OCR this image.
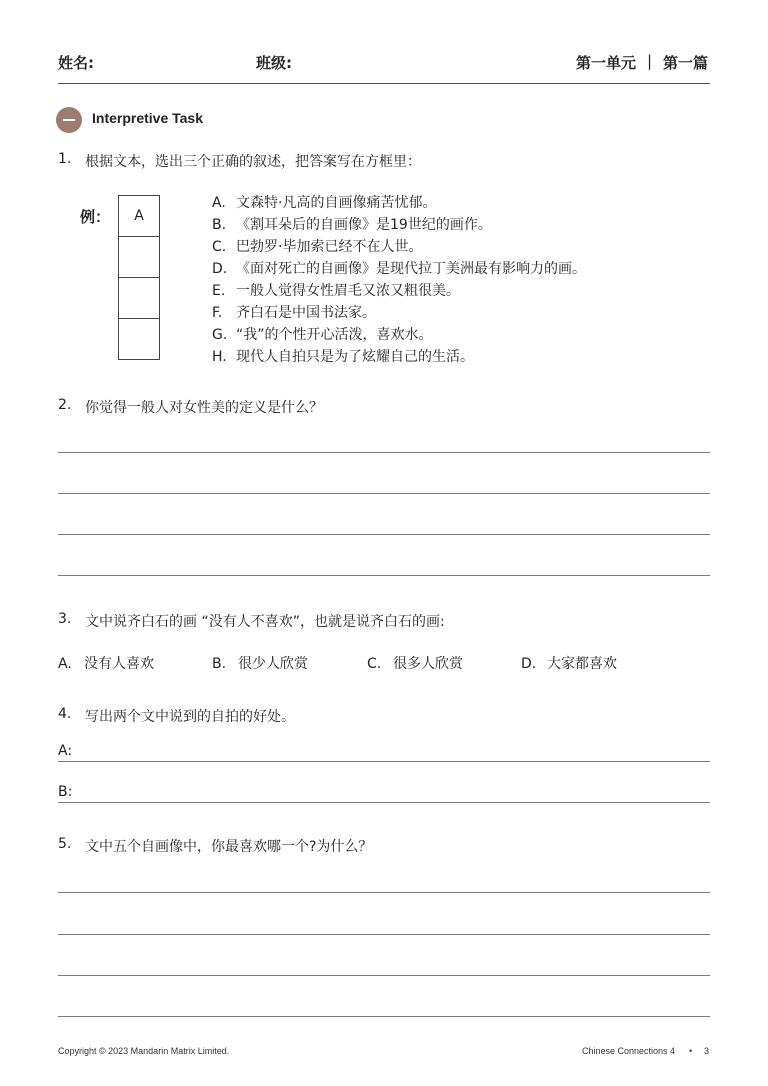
姓名:	班级:	第一单元 | 第一篇
Interpretive Task
1. 根据文本，选出三个正确的叙述，把答案写在方框里：
例：	A
A. 文森特·凡高的自画像痛苦忧郁。
B. 《割耳朵后的自画像》是19世纪的画作。
C. 巴勃罗·毕加索已经不在人世。
D. 《面对死亡的自画像》是现代拉丁美洲最有影响力的画。
E. 一般人觉得女性眉毛又浓又粗很美。
F. 齐白石是中国书法家。
G. “我”的个性开心活泼，喜欢水。
H. 现代人自拍只是为了炫耀自己的生活。
2. 你觉得一般人对女性美的定义是什么？
3. 文中说齐白石的画 “没有人不喜欢”，也就是说齐白石的画:
A. 没有人喜欢	B. 很少人欣赏	C. 很多人欣赏	D. 大家都喜欢
4. 写出两个文中说到的自拍的好处。
A:
B:
5. 文中五个自画像中，你最喜欢哪一个?为什么？
Copyright © 2023 Mandarin Matrix Limited.	Chinese Connections 4 • 3
